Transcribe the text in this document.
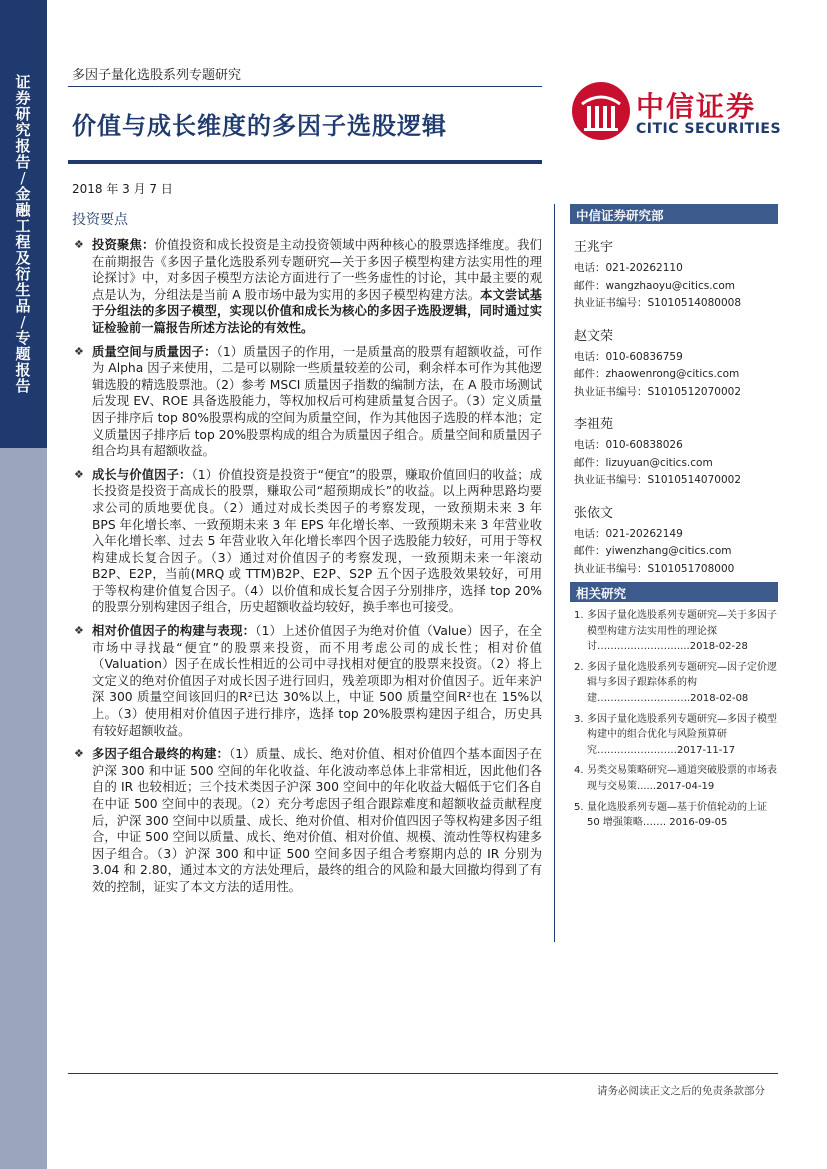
证券研究报告
/
金融工程及衍生品
/
专题报告
多因子量化选股系列专题研究
价值与成长维度的多因子选股逻辑
2018 年 3 月 7 日
投资要点
中信证券
CITIC SECURITIES
❖ 投资聚焦：价值投资和成长投资是主动投资领域中两种核心的股票选择维度。我们在前期报告《多因子量化选股系列专题研究—关于多因子模型构建方法实用性的理论探讨》中，对多因子模型方法论方面进行了一些务虚性的讨论，其中最主要的观点是认为，分组法是当前 A 股市场中最为实用的多因子模型构建方法。本文尝试基于分组法的多因子模型，实现以价值和成长为核心的多因子选股逻辑，同时通过实证检验前一篇报告所述方法论的有效性。
❖ 质量空间与质量因子：（1）质量因子的作用，一是质量高的股票有超额收益，可作为 Alpha 因子来使用，二是可以剔除一些质量较差的公司，剩余样本可作为其他逻辑选股的精选股票池。（2）参考 MSCI 质量因子指数的编制方法，在 A 股市场测试后发现 EV、ROE 具备选股能力，等权加权后可构建质量复合因子。（3）定义质量因子排序后 top 80%股票构成的空间为质量空间，作为其他因子选股的样本池；定义质量因子排序后 top 20%股票构成的组合为质量因子组合。质量空间和质量因子组合均具有超额收益。
❖ 成长与价值因子：（1）价值投资是投资于“便宜”的股票，赚取价值回归的收益；成长投资是投资于高成长的股票，赚取公司“超预期成长”的收益。以上两种思路均要求公司的质地要优良。（2）通过对成长类因子的考察发现，一致预期未来 3 年 BPS 年化增长率、一致预期未来 3 年 EPS 年化增长率、一致预期未来 3 年营业收入年化增长率、过去 5 年营业收入年化增长率四个因子选股能力较好，可用于等权构建成长复合因子。（3）通过对价值因子的考察发现，一致预期未来一年滚动 B2P、E2P，当前(MRQ 或 TTM)B2P、E2P、S2P 五个因子选股效果较好，可用于等权构建价值复合因子。（4）以价值和成长复合因子分别排序，选择 top 20%的股票分别构建因子组合，历史超额收益均较好，换手率也可接受。
❖ 相对价值因子的构建与表现：（1）上述价值因子为绝对价值（Value）因子，在全市场中寻找最“便宜”的股票来投资，而不用考虑公司的成长性；相对价值（Valuation）因子在成长性相近的公司中寻找相对便宜的股票来投资。（2）将上文定义的绝对价值因子对成长因子进行回归，残差项即为相对价值因子。近年来沪深 300 质量空间该回归的R²已达 30%以上，中证 500 质量空间R²也在 15%以上。（3）使用相对价值因子进行排序，选择 top 20%股票构建因子组合，历史具有较好超额收益。
❖ 多因子组合最终的构建：（1）质量、成长、绝对价值、相对价值四个基本面因子在沪深 300 和中证 500 空间的年化收益、年化波动率总体上非常相近，因此他们各自的 IR 也较相近；三个技术类因子沪深 300 空间中的年化收益大幅低于它们各自在中证 500 空间中的表现。（2）充分考虑因子组合跟踪难度和超额收益贡献程度后，沪深 300 空间中以质量、成长、绝对价值、相对价值四因子等权构建多因子组合，中证 500 空间以质量、成长、绝对价值、相对价值、规模、流动性等权构建多因子组合。（3）沪深 300 和中证 500 空间多因子组合考察期内总的 IR 分别为 3.04 和 2.80，通过本文的方法处理后，最终的组合的风险和最大回撤均得到了有效的控制，证实了本文方法的适用性。
中信证券研究部
王兆宇
电话：021-20262110
邮件：wangzhaoyu@citics.com
执业证书编号：S1010514080008
赵文荣
电话：010-60836759
邮件：zhaowenrong@citics.com
执业证书编号：S1010512070002
李祖苑
电话：010-60838026
邮件：lizuyuan@citics.com
执业证书编号：S1010514070002
张依文
电话：021-20262149
邮件：yiwenzhang@citics.com
执业证书编号：S101051708000
相关研究
1. 多因子量化选股系列专题研究—关于多因子模型构建方法实用性的理论探讨……………………....2018-02-28
2. 多因子量化选股系列专题研究—因子定价逻辑与多因子跟踪体系的构建……………………….2018-02-08
3. 多因子量化选股系列专题研究—多因子模型构建中的组合优化与风险预算研究……………………2017-11-17
4. 另类交易策略研究—通道突破股票的市场表现与交易策......2017-04-19
5. 量化选股系列专题—基于价值轮动的上证 50 增强策略……. 2016-09-05
请务必阅读正文之后的免责条款部分
